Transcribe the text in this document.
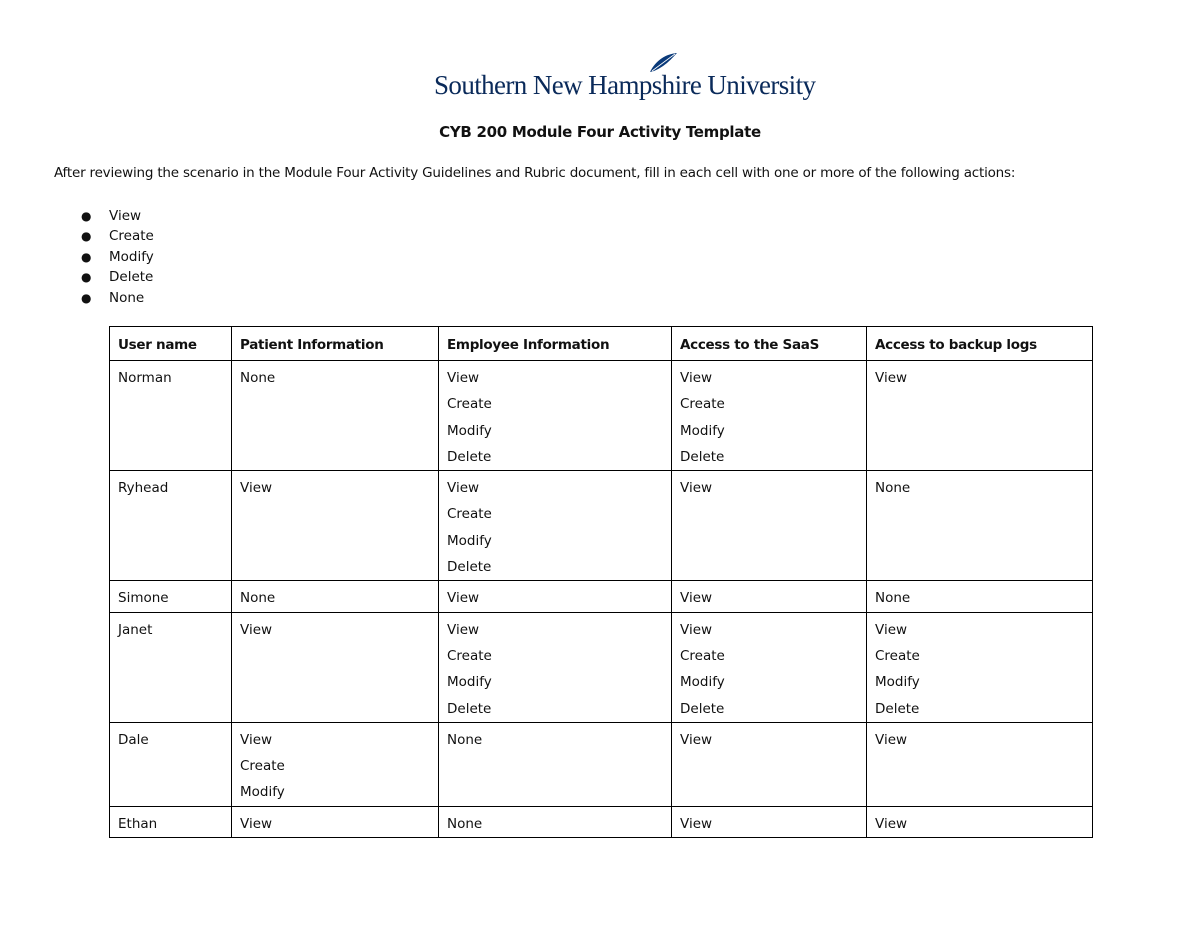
Southern New Hampshire University
CYB 200 Module Four Activity Template
After reviewing the scenario in the Module Four Activity Guidelines and Rubric document, fill in each cell with one or more of the following actions:
● View
● Create
● Modify
● Delete
● None
User name	Patient Information	Employee Information	Access to the SaaS	Access to backup logs

Norman	None	View
Create
Modify
Delete	View
Create
Modify
Delete	View

Ryhead	View	View
Create
Modify
Delete	View	None

Simone	None	View	View	None

Janet	View	View
Create
Modify
Delete	View
Create
Modify
Delete	View
Create
Modify
Delete

Dale	View
Create
Modify	None	View	View

Ethan	View	None	View	View
